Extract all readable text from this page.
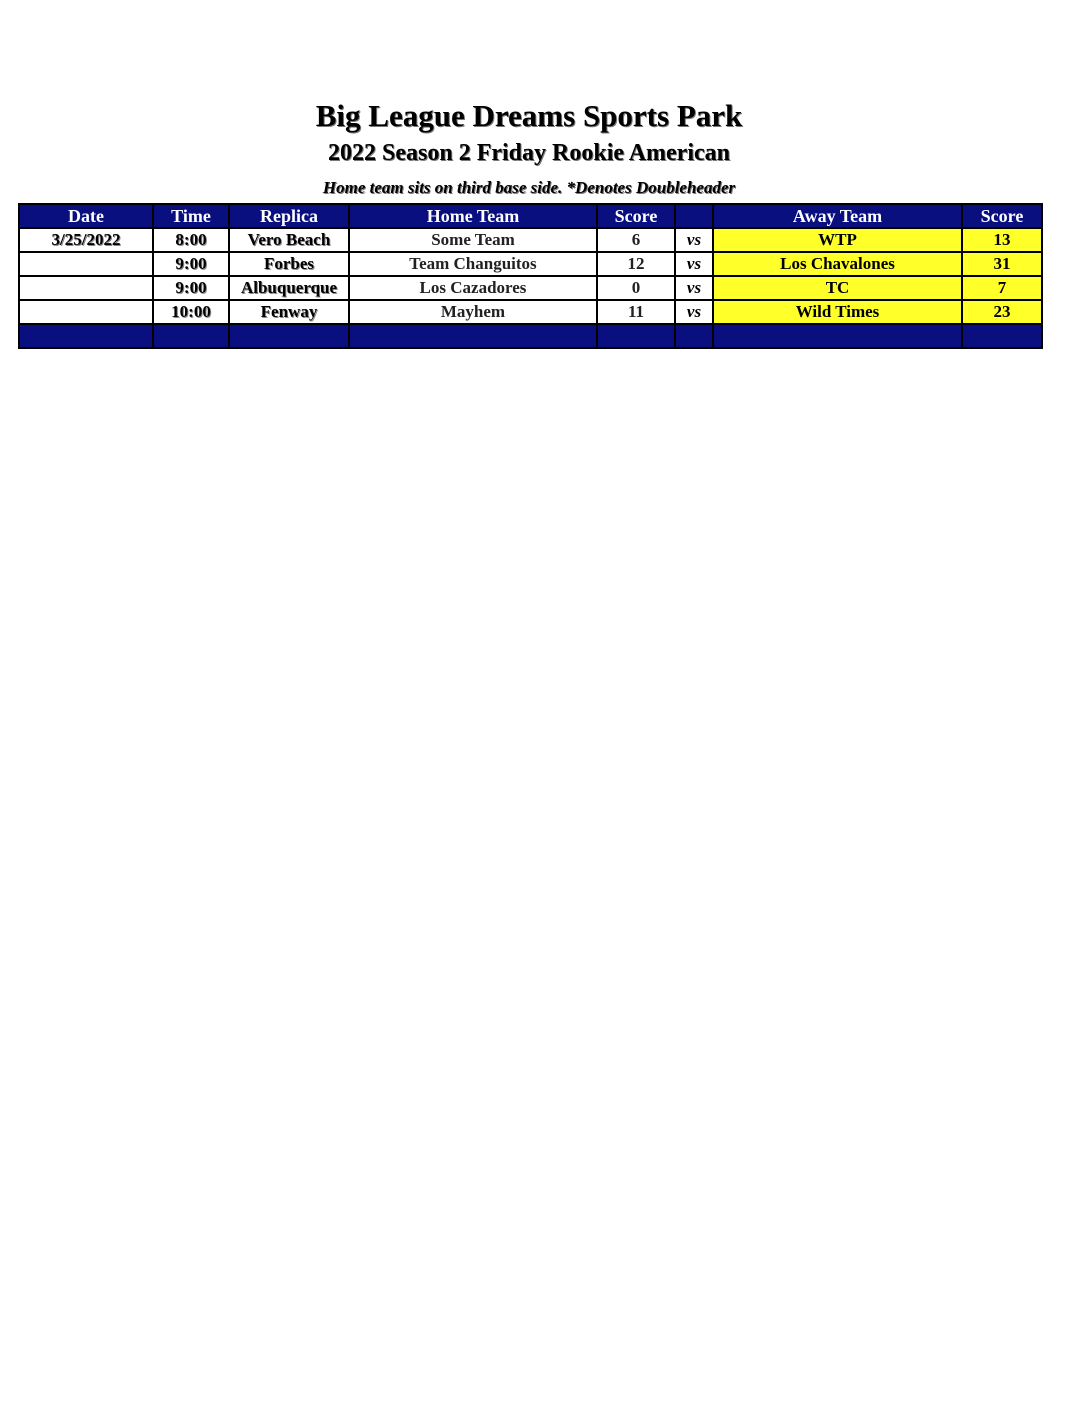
Big League Dreams Sports Park
2022 Season 2 Friday Rookie American
Home team sits on third base side. *Denotes Doubleheader
Date	Time	Replica	Home Team	Score		Away Team	Score
3/25/2022	8:00	Vero Beach	Some Team	6	vs	WTP	13
	9:00	Forbes	Team Changuitos	12	vs	Los Chavalones	31
	9:00	Albuquerque	Los Cazadores	0	vs	TC	7
	10:00	Fenway	Mayhem	11	vs	Wild Times	23
